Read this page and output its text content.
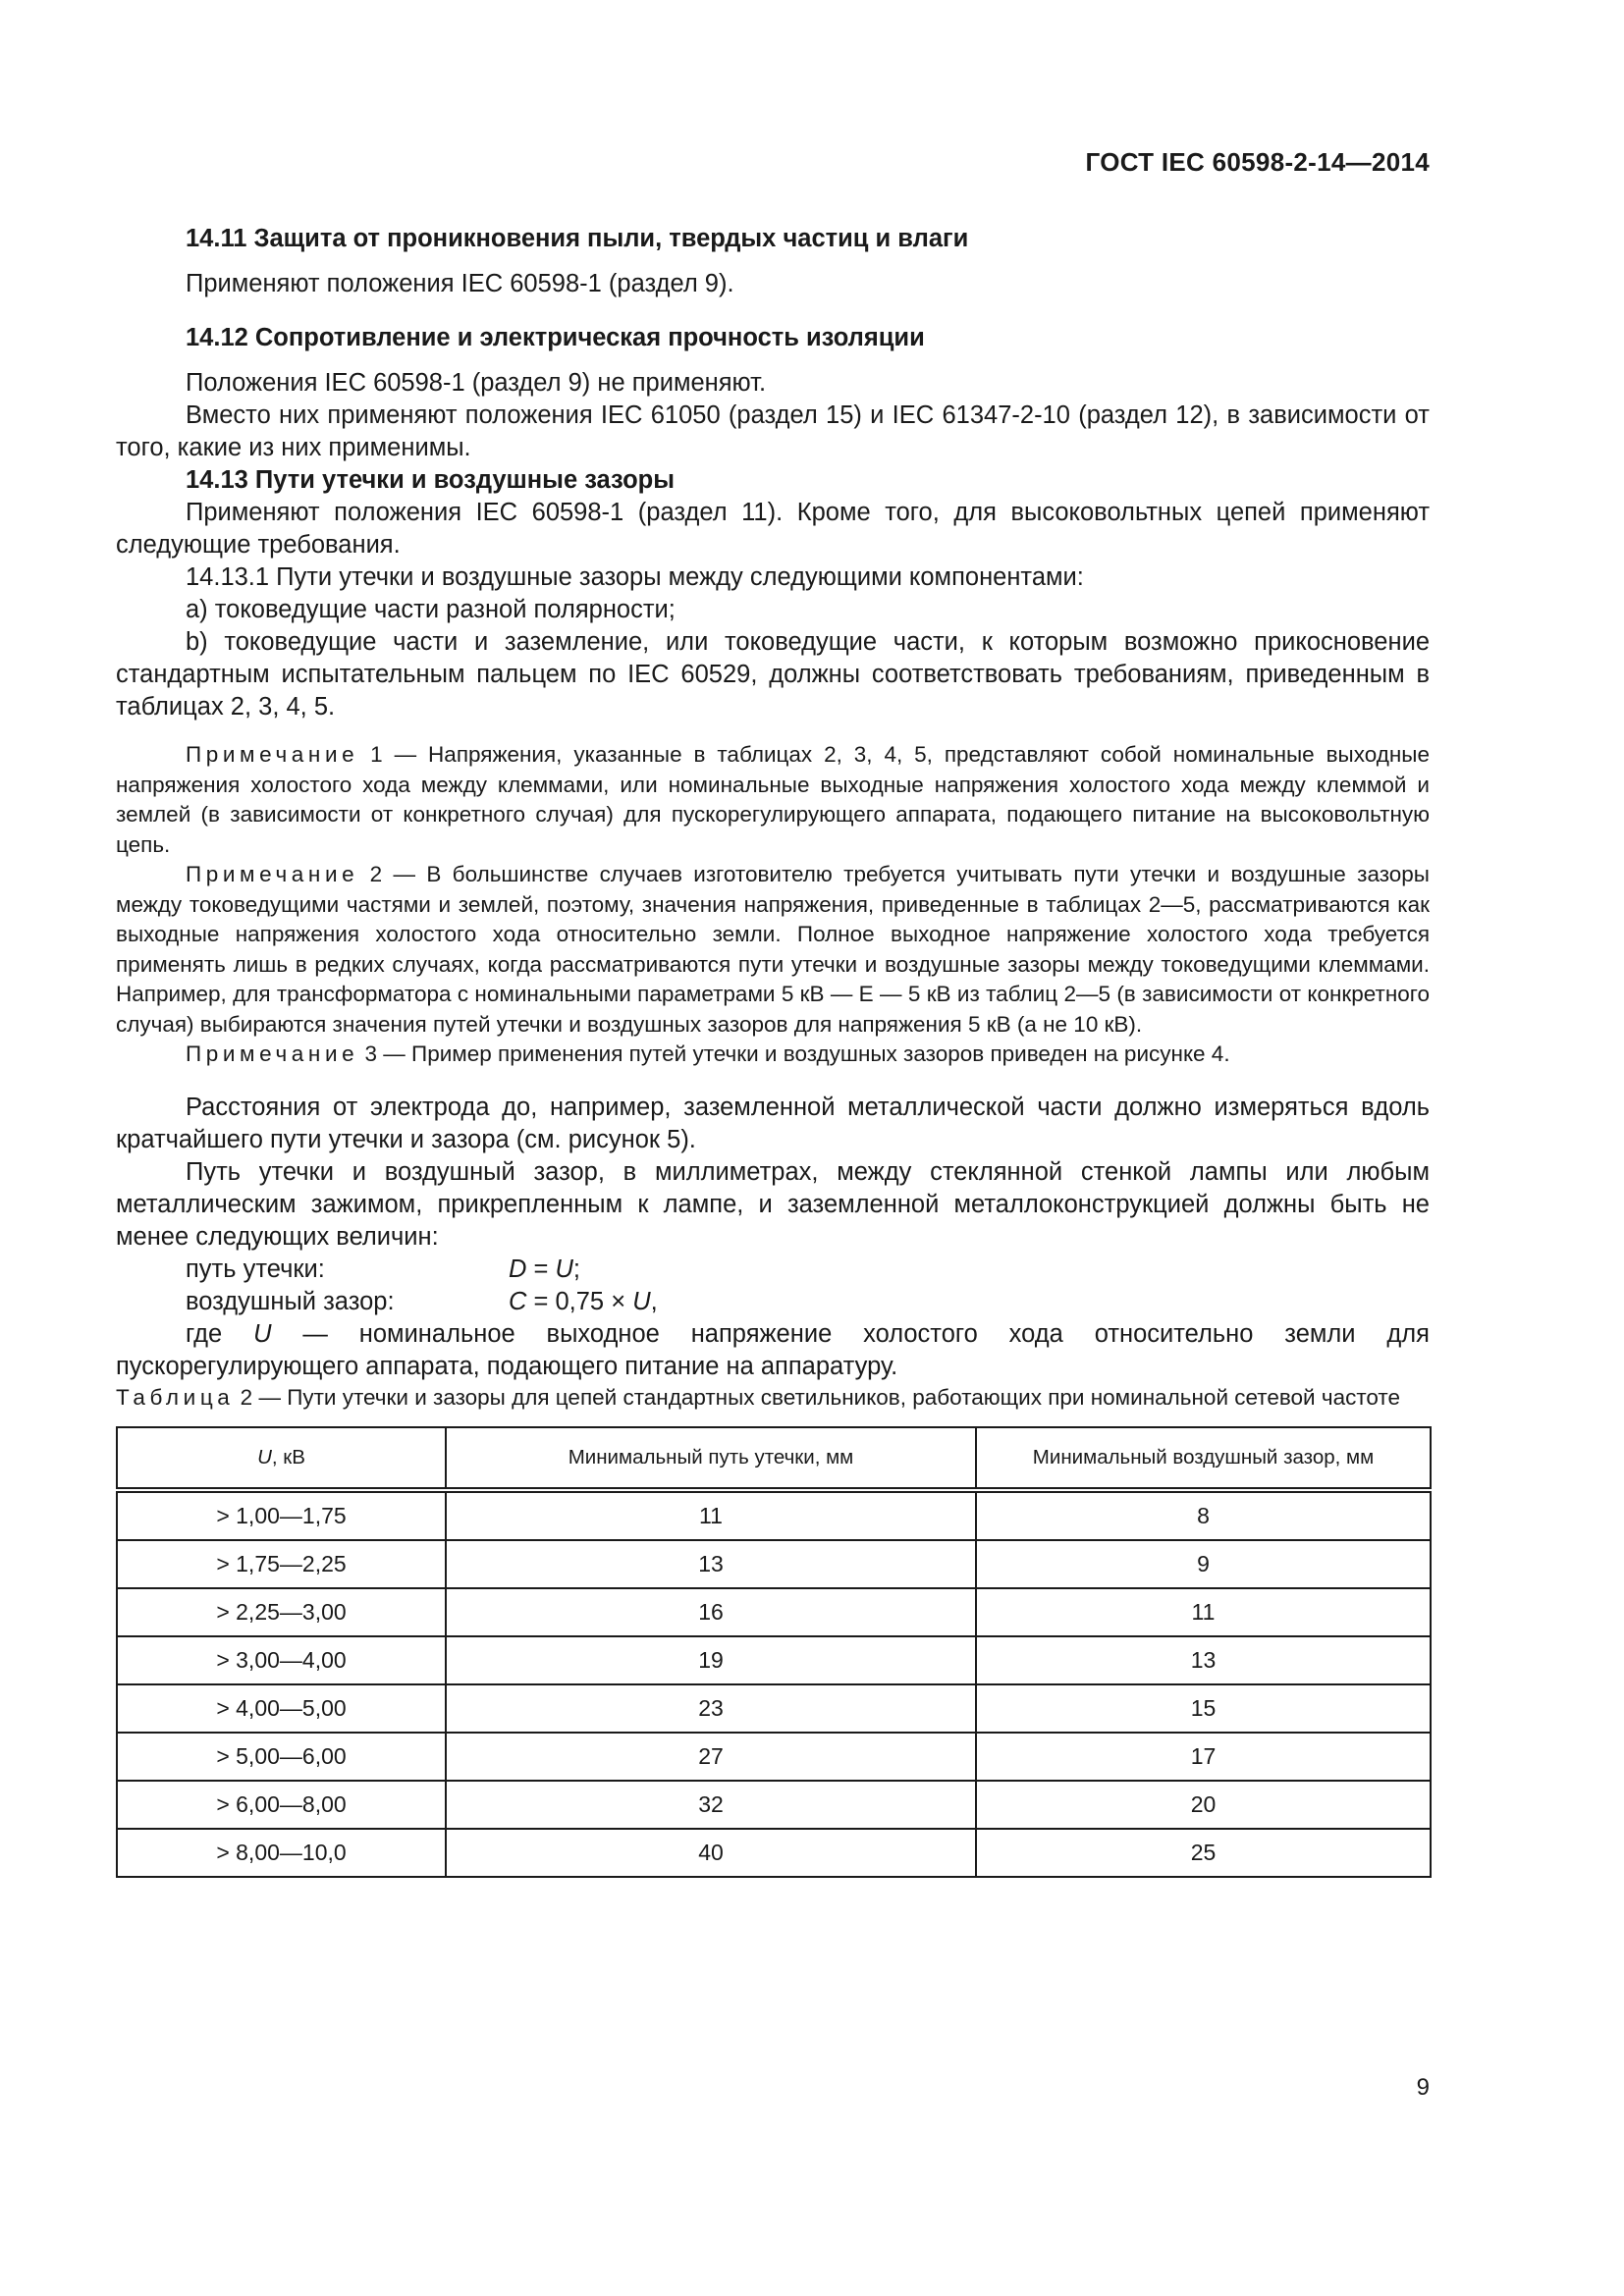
ГОСТ IEC 60598-2-14—2014

14.11 Защита от проникновения пыли, твердых частиц и влаги

Применяют положения IEC 60598-1 (раздел 9).

14.12 Сопротивление и электрическая прочность изоляции

Положения IEC 60598-1 (раздел 9) не применяют.

Вместо них применяют положения IEC 61050 (раздел 15) и IEC 61347-2-10 (раздел 12), в зависимости от того, какие из них применимы.

14.13 Пути утечки и воздушные зазоры

Применяют положения IEC 60598-1 (раздел 11). Кроме того, для высоковольтных цепей применяют следующие требования.

14.13.1 Пути утечки и воздушные зазоры между следующими компонентами:

a) токоведущие части разной полярности;

b) токоведущие части и заземление, или токоведущие части, к которым возможно прикосновение стандартным испытательным пальцем по IEC 60529, должны соответствовать требованиям, приведенным в таблицах 2, 3, 4, 5.

Примечание 1 — Напряжения, указанные в таблицах 2, 3, 4, 5, представляют собой номинальные выходные напряжения холостого хода между клеммами, или номинальные выходные напряжения холостого хода между клеммой и землей (в зависимости от конкретного случая) для пускорегулирующего аппарата, подающего питание на высоковольтную цепь.

Примечание 2 — В большинстве случаев изготовителю требуется учитывать пути утечки и воздушные зазоры между токоведущими частями и землей, поэтому, значения напряжения, приведенные в таблицах 2—5, рассматриваются как выходные напряжения холостого хода относительно земли. Полное выходное напряжение холостого хода требуется применять лишь в редких случаях, когда рассматриваются пути утечки и воздушные зазоры между токоведущими клеммами. Например, для трансформатора с номинальными параметрами 5 кВ — E — 5 кВ из таблиц 2—5 (в зависимости от конкретного случая) выбираются значения путей утечки и воздушных зазоров для напряжения 5 кВ (а не 10 кВ).

Примечание 3 — Пример применения путей утечки и воздушных зазоров приведен на рисунке 4.

Расстояния от электрода до, например, заземленной металлической части должно измеряться вдоль кратчайшего пути утечки и зазора (см. рисунок 5).

Путь утечки и воздушный зазор, в миллиметрах, между стеклянной стенкой лампы или любым металлическим зажимом, прикрепленным к лампе, и заземленной металлоконструкцией должны быть не менее следующих величин:

путь утечки:	D = U;
воздушный зазор:	C = 0,75 × U,

где U — номинальное выходное напряжение холостого хода относительно земли для пускорегулирующего аппарата, подающего питание на аппаратуру.

Таблица 2 — Пути утечки и зазоры для цепей стандартных светильников, работающих при номинальной сетевой частоте

U, кВ	Минимальный путь утечки, мм	Минимальный воздушный зазор, мм
> 1,00—1,75	11	8
> 1,75—2,25	13	9
> 2,25—3,00	16	11
> 3,00—4,00	19	13
> 4,00—5,00	23	15
> 5,00—6,00	27	17
> 6,00—8,00	32	20
> 8,00—10,0	40	25
9
